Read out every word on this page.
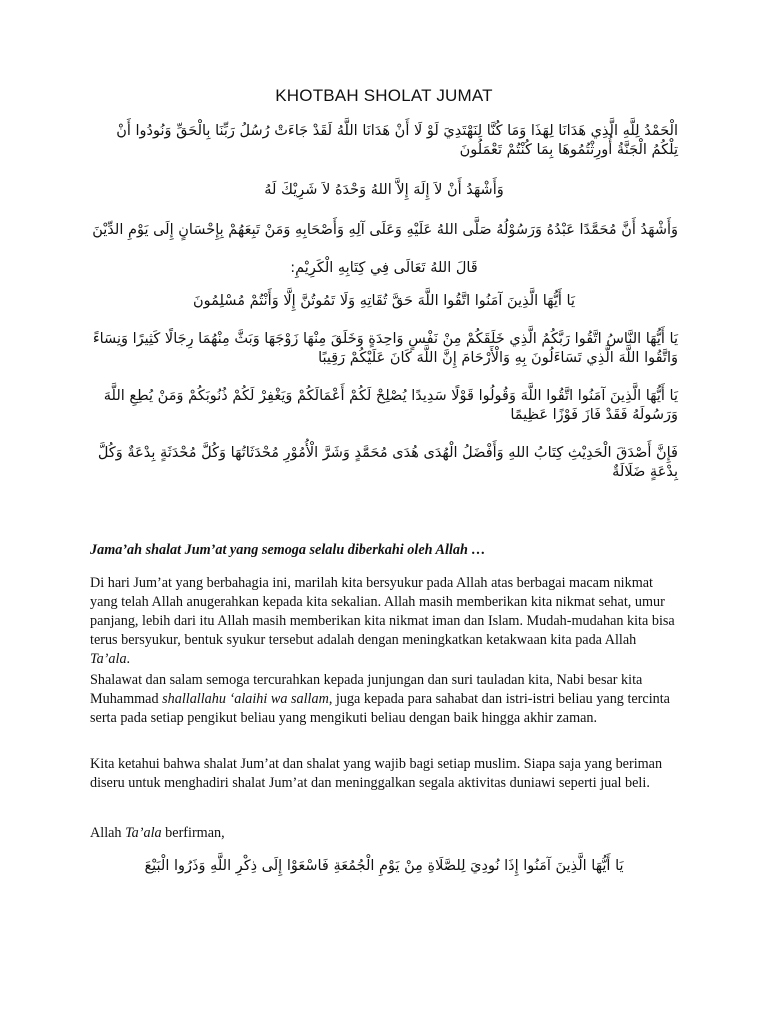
KHOTBAH SHOLAT JUMAT
الْحَمْدُ لِلَّهِ الَّذِي هَدَانَا لِهَذَا وَمَا كُنَّا لِنَهْتَدِيَ لَوْ لَا أَنْ هَدَانَا اللَّهُ لَقَدْ جَاءَتْ رُسُلُ رَبِّنَا بِالْحَقِّ وَنُودُوا أَنْ تِلْكُمُ الْجَنَّةُ أُورِثْتُمُوهَا بِمَا كُنْتُمْ تَعْمَلُونَ
وَأَشْهَدُ أَنْ لاَ إِلَهَ إِلاَّ اللهُ وَحْدَهُ لاَ شَرِيْكَ لَهُ
وَأَشْهَدُ أَنَّ مُحَمَّدًا عَبْدُهُ وَرَسُوْلُهُ صَلَّى اللهُ عَلَيْهِ وَعَلَى آلِهِ وَأَصْحَابِهِ وَمَنْ تَبِعَهُمْ بِإِحْسَانٍ إِلَى يَوْمِ الدِّيْنَ
قَالَ اللهُ تَعَالَى فِي كِتَابِهِ الْكَرِيْمِ:
يَا أَيُّهَا الَّذِينَ آمَنُوا اتَّقُوا اللَّهَ حَقَّ تُقَاتِهِ وَلَا تَمُوتُنَّ إِلَّا وَأَنْتُمْ مُسْلِمُونَ
يَا أَيُّهَا النَّاسُ اتَّقُوا رَبَّكُمُ الَّذِي خَلَقَكُمْ مِنْ نَفْسٍ وَاحِدَةٍ وَخَلَقَ مِنْهَا زَوْجَهَا وَبَثَّ مِنْهُمَا رِجَالًا كَثِيرًا وَنِسَاءً وَاتَّقُوا اللَّهَ الَّذِي تَسَاءَلُونَ بِهِ وَالْأَرْحَامَ إِنَّ اللَّهَ كَانَ عَلَيْكُمْ رَقِيبًا
يَا أَيُّهَا الَّذِينَ آمَنُوا اتَّقُوا اللَّهَ وَقُولُوا قَوْلًا سَدِيدًا يُصْلِحْ لَكُمْ أَعْمَالَكُمْ وَيَغْفِرْ لَكُمْ ذُنُوبَكُمْ وَمَنْ يُطِعِ اللَّهَ وَرَسُولَهُ فَقَدْ فَازَ فَوْزًا عَظِيمًا
فَإِنَّ أَصْدَقَ الْحَدِيْثِ كِتَابُ اللهِ وَأَفْضَلُ الْهُدَى هُدَى مُحَمَّدٍ وَشَرَّ الْأُمُوْرِ مُحْدَثَاتُهَا وَكُلَّ مُحْدَثَةٍ بِدْعَةٌ وَكُلَّ بِدْعَةٍ ضَلَالَةٌ
Jama’ah shalat Jum’at yang semoga selalu diberkahi oleh Allah …
Di hari Jum’at yang berbahagia ini, marilah kita bersyukur pada Allah atas berbagai macam nikmat yang telah Allah anugerahkan kepada kita sekalian. Allah masih memberikan kita nikmat sehat, umur panjang, lebih dari itu Allah masih memberikan kita nikmat iman dan Islam. Mudah-mudahan kita bisa terus bersyukur, bentuk syukur tersebut adalah dengan meningkatkan ketakwaan kita pada Allah Ta’ala.
Shalawat dan salam semoga tercurahkan kepada junjungan dan suri tauladan kita, Nabi besar kita Muhammad shallallahu ‘alaihi wa sallam, juga kepada para sahabat dan istri-istri beliau yang tercinta serta pada setiap pengikut beliau yang mengikuti beliau dengan baik hingga akhir zaman.
Kita ketahui bahwa shalat Jum’at dan shalat yang wajib bagi setiap muslim. Siapa saja yang beriman diseru untuk menghadiri shalat Jum’at dan meninggalkan segala aktivitas duniawi seperti jual beli.
Allah Ta’ala berfirman,
يَا أَيُّهَا الَّذِينَ آمَنُوا إِذَا نُودِيَ لِلصَّلَاةِ مِنْ يَوْمِ الْجُمُعَةِ فَاسْعَوْا إِلَى ذِكْرِ اللَّهِ وَذَرُوا الْبَيْعَ
